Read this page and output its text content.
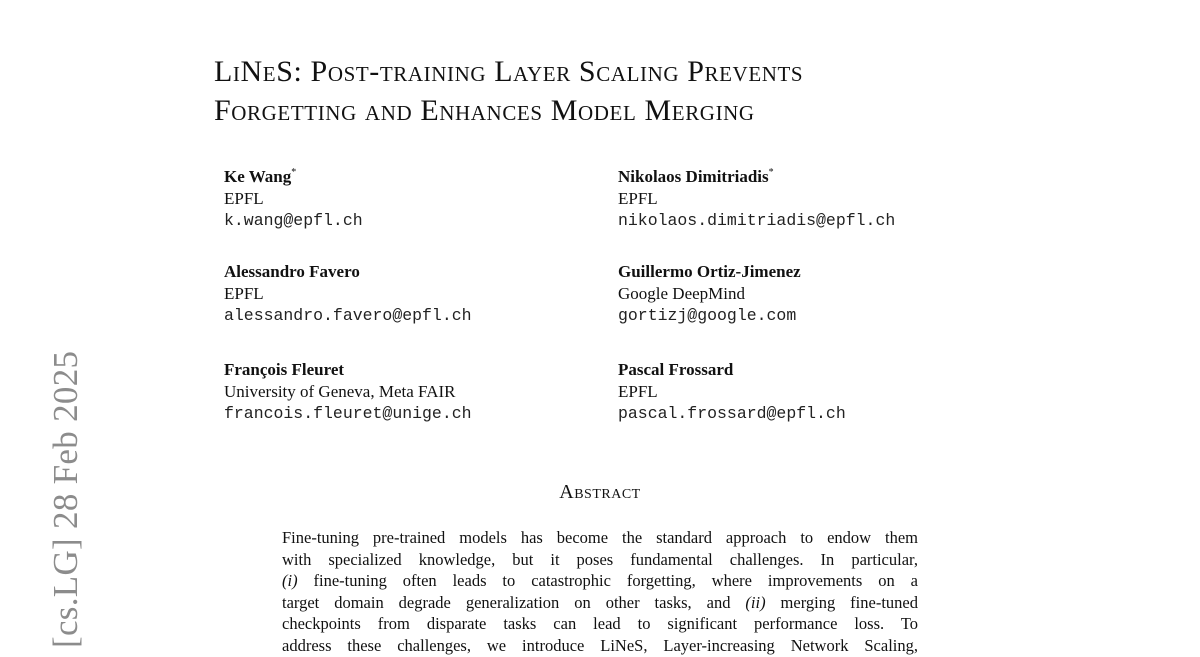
[cs.LG] 28 Feb 2025
LiNeS: Post-training Layer Scaling Prevents
Forgetting and Enhances Model Merging
Ke Wang*
EPFL
k.wang@epfl.ch
Nikolaos Dimitriadis*
EPFL
nikolaos.dimitriadis@epfl.ch
Alessandro Favero
EPFL
alessandro.favero@epfl.ch
Guillermo Ortiz-Jimenez
Google DeepMind
gortizj@google.com
François Fleuret
University of Geneva, Meta FAIR
francois.fleuret@unige.ch
Pascal Frossard
EPFL
pascal.frossard@epfl.ch
Abstract
Fine-tuning pre-trained models has become the standard approach to endow them
with specialized knowledge, but it poses fundamental challenges. In particular,
(i) fine-tuning often leads to catastrophic forgetting, where improvements on a
target domain degrade generalization on other tasks, and (ii) merging fine-tuned
checkpoints from disparate tasks can lead to significant performance loss. To
address these challenges, we introduce LiNeS, Layer-increasing Network Scaling,
